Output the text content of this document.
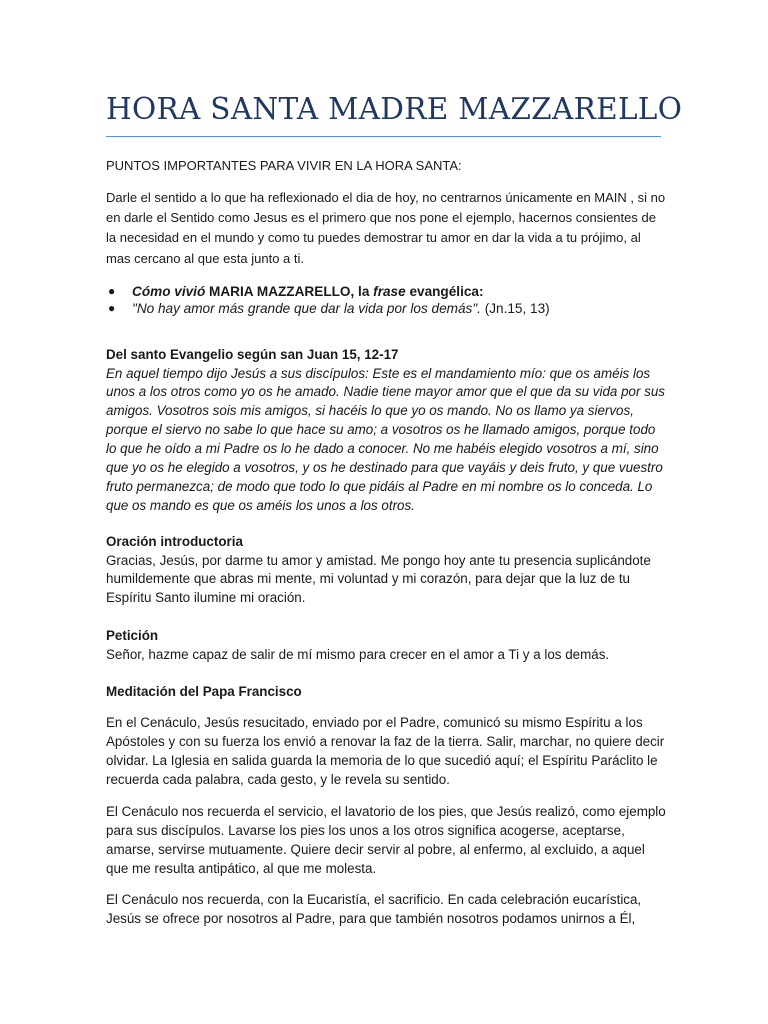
HORA SANTA MADRE MAZZARELLO

PUNTOS IMPORTANTES PARA VIVIR EN LA HORA SANTA:

Darle el sentido a lo que ha reflexionado el dia de hoy, no centrarnos únicamente en MAIN , si no en darle el Sentido como Jesus es el primero que nos pone el ejemplo, hacernos consientes de la necesidad en el mundo y como tu puedes demostrar tu amor en dar la vida a tu prójimo, al mas cercano al que esta junto a ti.

● Cómo vivió MARIA MAZZARELLO, la frase evangélica:
● "No hay amor más grande que dar la vida por los demás". (Jn.15, 13)

Del santo Evangelio según san Juan 15, 12-17

En aquel tiempo dijo Jesús a sus discípulos: Este es el mandamiento mío: que os améis los unos a los otros como yo os he amado. Nadie tiene mayor amor que el que da su vida por sus amigos. Vosotros sois mis amigos, si hacéis lo que yo os mando. No os llamo ya siervos, porque el siervo no sabe lo que hace su amo; a vosotros os he llamado amigos, porque todo lo que he oído a mi Padre os lo he dado a conocer. No me habéis elegido vosotros a mí, sino que yo os he elegido a vosotros, y os he destinado para que vayáis y deis fruto, y que vuestro fruto permanezca; de modo que todo lo que pidáis al Padre en mi nombre os lo conceda. Lo que os mando es que os améis los unos a los otros.

Oración introductoria

Gracias, Jesús, por darme tu amor y amistad. Me pongo hoy ante tu presencia suplicándote humildemente que abras mi mente, mi voluntad y mi corazón, para dejar que la luz de tu Espíritu Santo ilumine mi oración.

Petición

Señor, hazme capaz de salir de mí mismo para crecer en el amor a Ti y a los demás.

Meditación del Papa Francisco

En el Cenáculo, Jesús resucitado, enviado por el Padre, comunicó su mismo Espíritu a los Apóstoles y con su fuerza los envió a renovar la faz de la tierra. Salir, marchar, no quiere decir olvidar. La Iglesia en salida guarda la memoria de lo que sucedió aquí; el Espíritu Paráclito le recuerda cada palabra, cada gesto, y le revela su sentido.

El Cenáculo nos recuerda el servicio, el lavatorio de los pies, que Jesús realizó, como ejemplo para sus discípulos. Lavarse los pies los unos a los otros significa acogerse, aceptarse, amarse, servirse mutuamente. Quiere decir servir al pobre, al enfermo, al excluido, a aquel que me resulta antipático, al que me molesta.

El Cenáculo nos recuerda, con la Eucaristía, el sacrificio. En cada celebración eucarística, Jesús se ofrece por nosotros al Padre, para que también nosotros podamos unirnos a Él,
